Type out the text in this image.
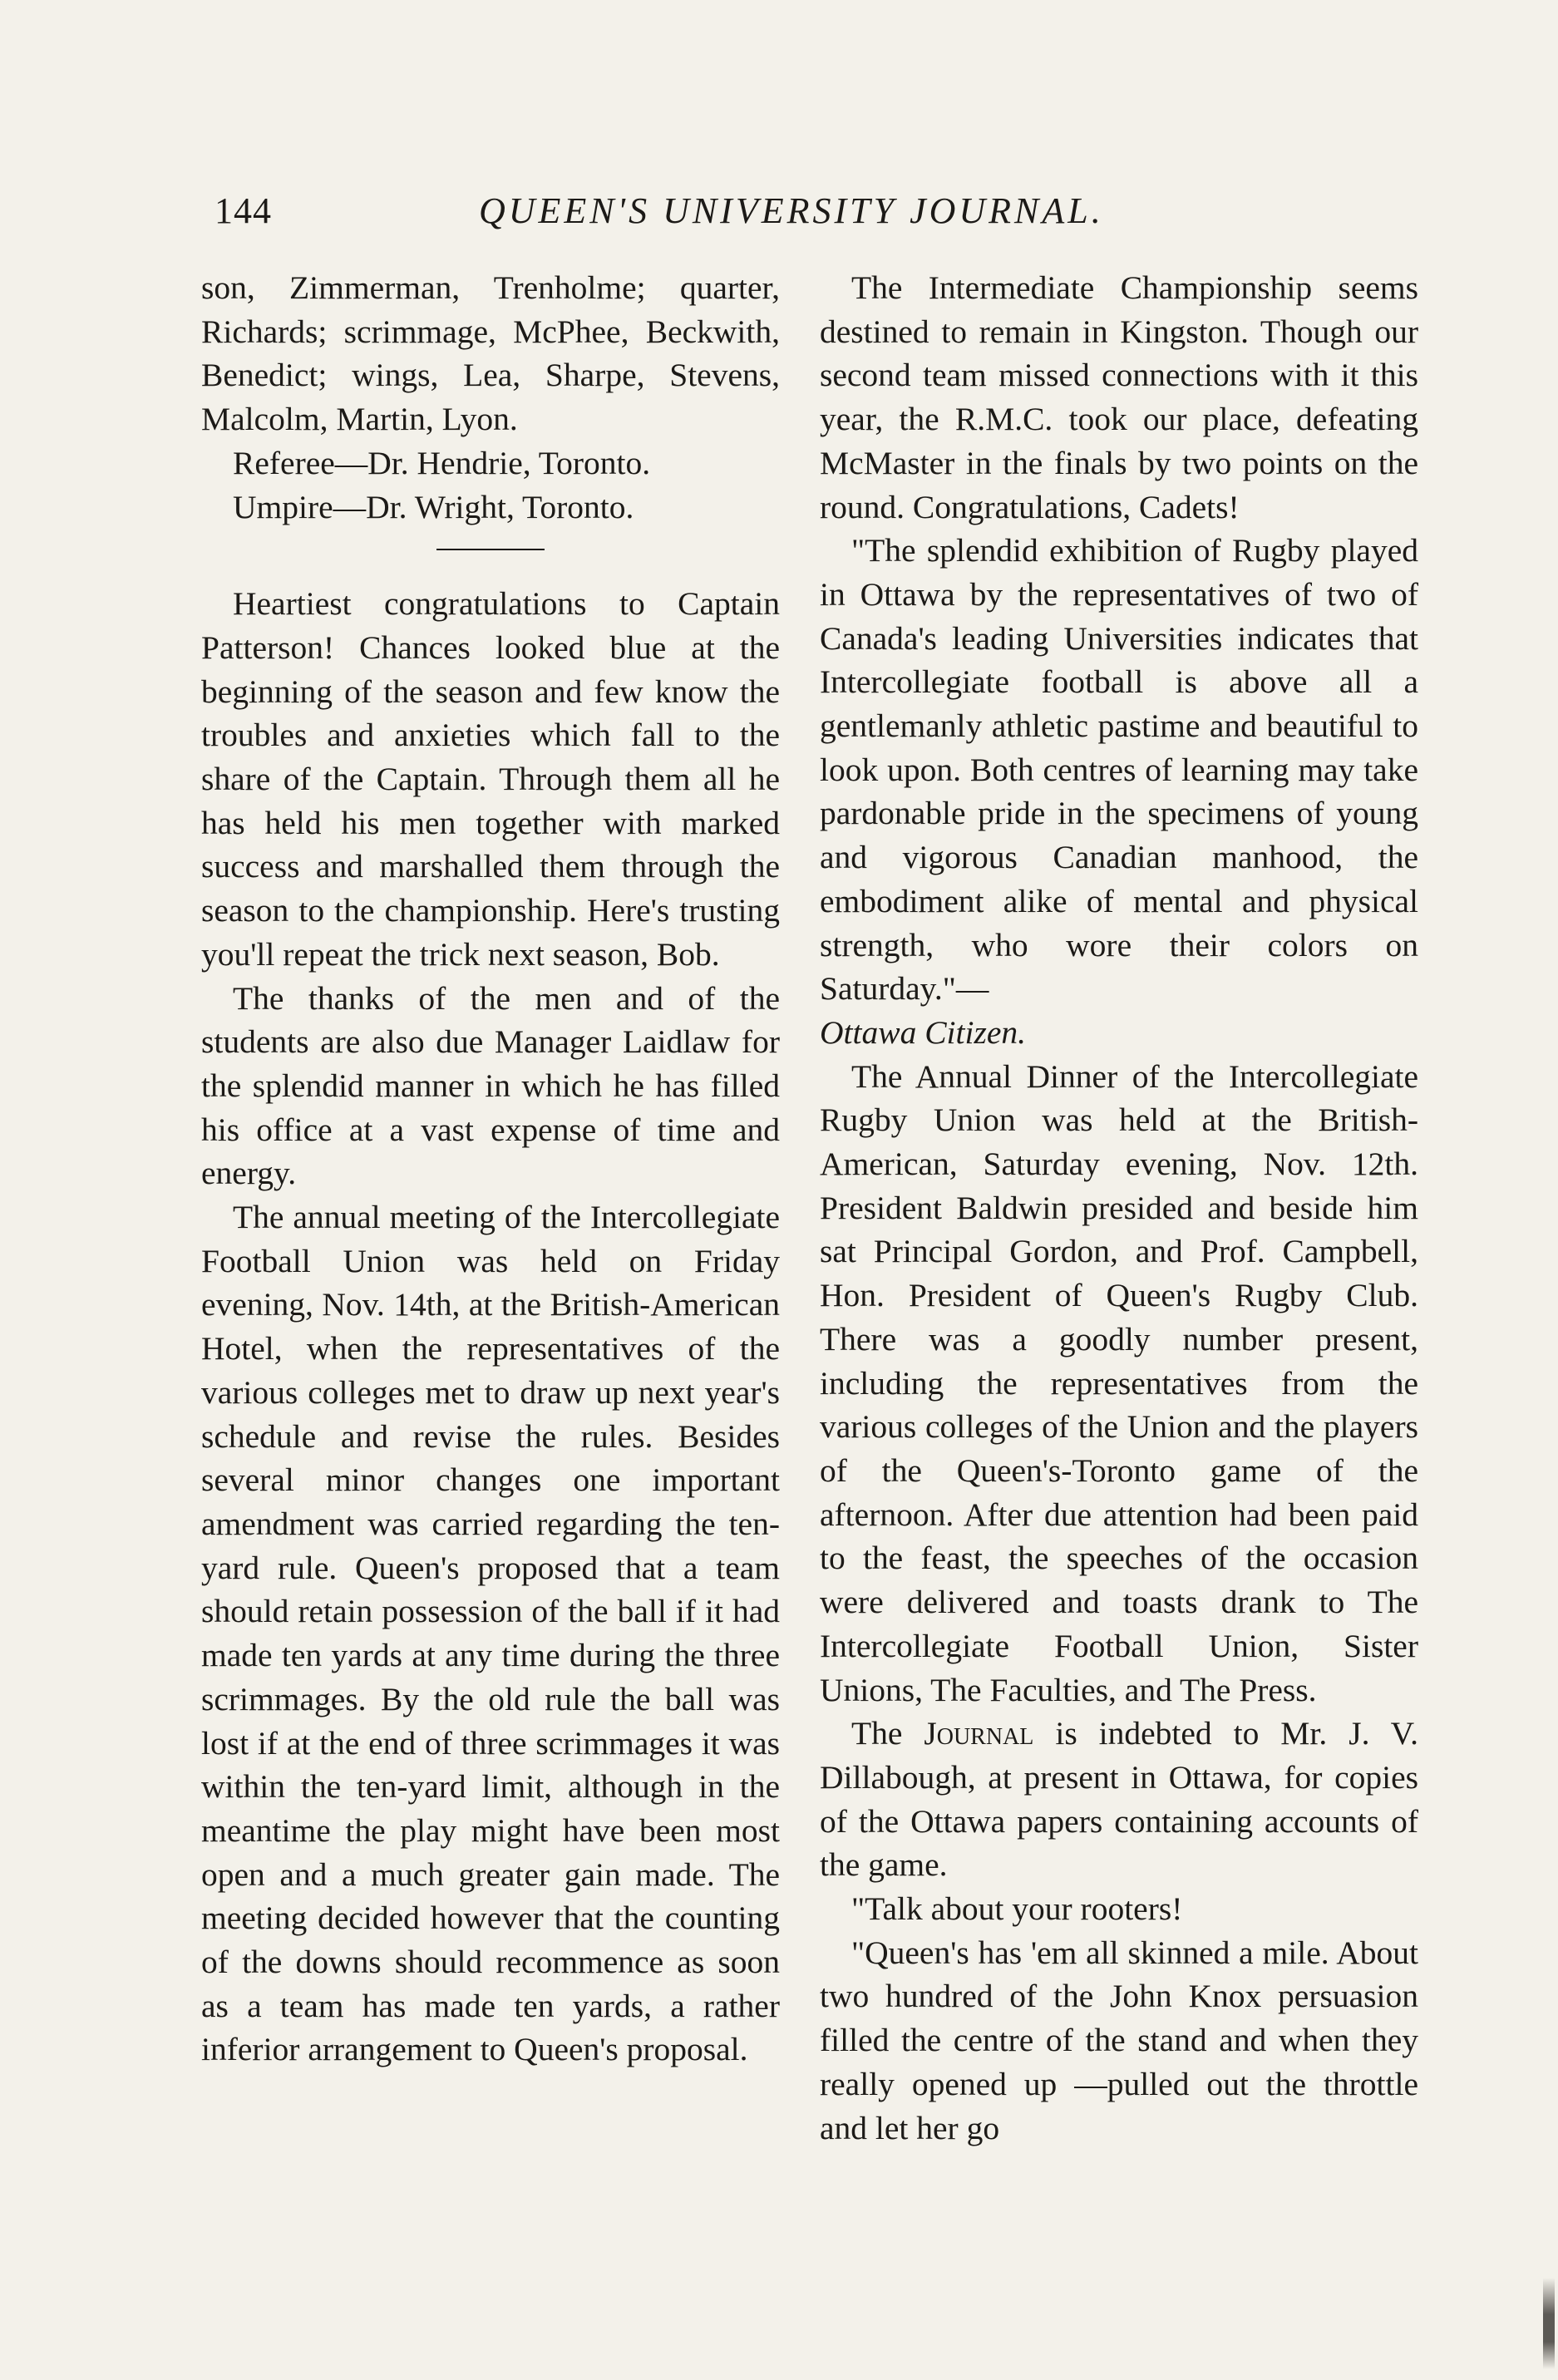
144	QUEEN'S UNIVERSITY JOURNAL.

son, Zimmerman, Trenholme; quarter, Richards; scrimmage, McPhee, Beckwith, Benedict; wings, Lea, Sharpe, Stevens, Malcolm, Martin, Lyon.

Referee—Dr. Hendrie, Toronto.

Umpire—Dr. Wright, Toronto.

Heartiest congratulations to Captain Patterson! Chances looked blue at the beginning of the season and few know the troubles and anxieties which fall to the share of the Captain. Through them all he has held his men together with marked success and marshalled them through the season to the championship. Here's trusting you'll repeat the trick next season, Bob.

The thanks of the men and of the students are also due Manager Laidlaw for the splendid manner in which he has filled his office at a vast expense of time and energy.

The annual meeting of the Intercollegiate Football Union was held on Friday evening, Nov. 14th, at the British-American Hotel, when the representatives of the various colleges met to draw up next year's schedule and revise the rules. Besides several minor changes one important amendment was carried regarding the ten-yard rule. Queen's proposed that a team should retain possession of the ball if it had made ten yards at any time during the three scrimmages. By the old rule the ball was lost if at the end of three scrimmages it was within the ten-yard limit, although in the meantime the play might have been most open and a much greater gain made. The meeting decided however that the counting of the downs should recommence as soon as a team has made ten yards, a rather inferior arrangement to Queen's proposal.

The Intermediate Championship seems destined to remain in Kingston. Though our second team missed connections with it this year, the R.M.C. took our place, defeating McMaster in the finals by two points on the round. Congratulations, Cadets!

"The splendid exhibition of Rugby played in Ottawa by the representatives of two of Canada's leading Universities indicates that Intercollegiate football is above all a gentlemanly athletic pastime and beautiful to look upon. Both centres of learning may take pardonable pride in the specimens of young and vigorous Canadian manhood, the embodiment alike of mental and physical strength, who wore their colors on Saturday."—
Ottawa Citizen.

The Annual Dinner of the Intercollegiate Rugby Union was held at the British-American, Saturday evening, Nov. 12th. President Baldwin presided and beside him sat Principal Gordon, and Prof. Campbell, Hon. President of Queen's Rugby Club. There was a goodly number present, including the representatives from the various colleges of the Union and the players of the Queen's-Toronto game of the afternoon. After due attention had been paid to the feast, the speeches of the occasion were delivered and toasts drank to The Intercollegiate Football Union, Sister Unions, The Faculties, and The Press.

The Journal is indebted to Mr. J. V. Dillabough, at present in Ottawa, for copies of the Ottawa papers containing accounts of the game.

"Talk about your rooters!

"Queen's has 'em all skinned a mile. About two hundred of the John Knox persuasion filled the centre of the stand and when they really opened up —pulled out the throttle and let her go
